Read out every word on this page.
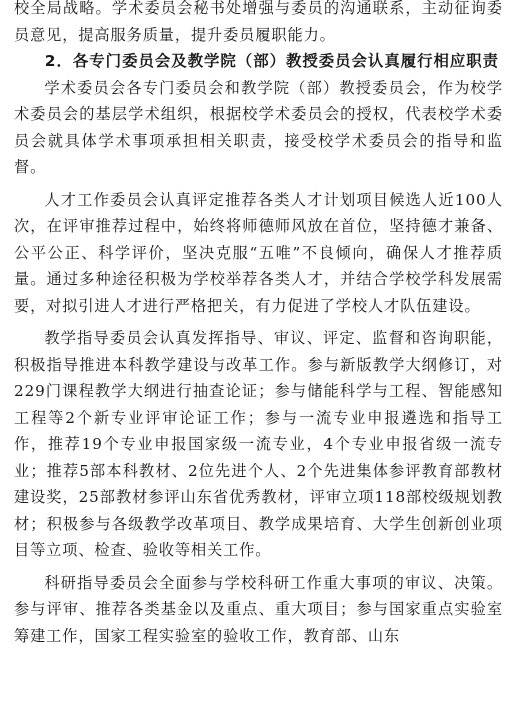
校全局战略。学术委员会秘书处增强与委员的沟通联系，主动征询委员意见，提高服务质量，提升委员履职能力。

2．各专门委员会及教学院（部）教授委员会认真履行相应职责

学术委员会各专门委员会和教学院（部）教授委员会，作为校学术委员会的基层学术组织，根据校学术委员会的授权，代表校学术委员会就具体学术事项承担相关职责，接受校学术委员会的指导和监督。

人才工作委员会认真评定推荐各类人才计划项目候选人近100人次，在评审推荐过程中，始终将师德师风放在首位，坚持德才兼备、公平公正、科学评价，坚决克服“五唯”不良倾向，确保人才推荐质量。通过多种途径积极为学校举荐各类人才，并结合学校学科发展需要，对拟引进人才进行严格把关，有力促进了学校人才队伍建设。

教学指导委员会认真发挥指导、审议、评定、监督和咨询职能，积极指导推进本科教学建设与改革工作。参与新版教学大纲修订，对229门课程教学大纲进行抽查论证；参与储能科学与工程、智能感知工程等2个新专业评审论证工作；参与一流专业申报遴选和指导工作，推荐19个专业申报国家级一流专业，4个专业申报省级一流专业；推荐5部本科教材、2位先进个人、2个先进集体参评教育部教材建设奖，25部教材参评山东省优秀教材，评审立项118部校级规划教材；积极参与各级教学改革项目、教学成果培育、大学生创新创业项目等立项、检查、验收等相关工作。

科研指导委员会全面参与学校科研工作重大事项的审议、决策。参与评审、推荐各类基金以及重点、重大项目；参与国家重点实验室筹建工作，国家工程实验室的验收工作，教育部、山东
